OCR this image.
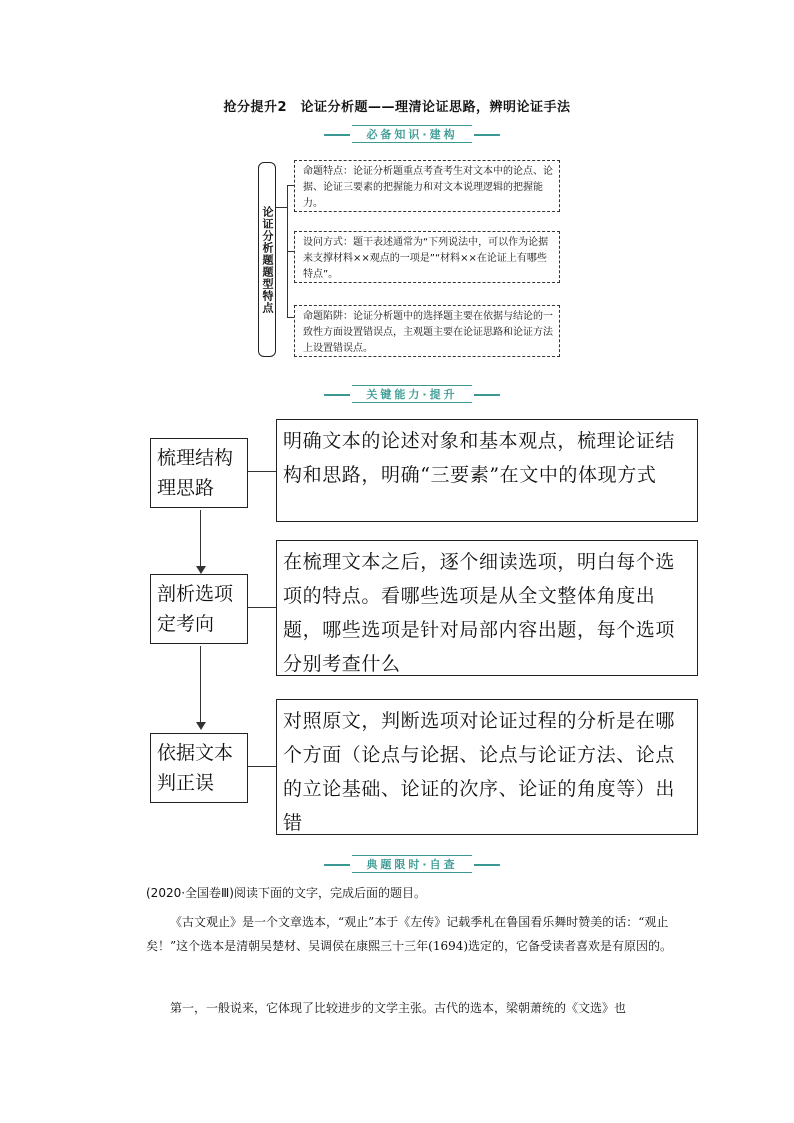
抢分提升2　论证分析题——理清论证思路，辨明论证手法
必备知识·建构
论证分析题题型特点
命题特点：论证分析题重点考查考生对文本中的论点、论据、论证三要素的把握能力和对文本说理逻辑的把握能力。
设问方式：题干表述通常为“下列说法中，可以作为论据来支撑材料××观点的一项是”“材料××在论证上有哪些特点”。
命题陷阱：论证分析题中的选择题主要在依据与结论的一致性方面设置错误点，主观题主要在论证思路和论证方法上设置错误点。
关键能力·提升
梳理结构理思路
明确文本的论述对象和基本观点，梳理论证结构和思路，明确“三要素”在文中的体现方式
剖析选项定考向
在梳理文本之后，逐个细读选项，明白每个选项的特点。看哪些选项是从全文整体角度出题，哪些选项是针对局部内容出题，每个选项分别考查什么
依据文本判正误
对照原文，判断选项对论证过程的分析是在哪个方面（论点与论据、论点与论证方法、论点的立论基础、论证的次序、论证的角度等）出错
典题限时·自查
(2020·全国卷Ⅲ)阅读下面的文字，完成后面的题目。
《古文观止》是一个文章选本，“观止”本于《左传》记载季札在鲁国看乐舞时赞美的话：“观止矣！”这个选本是清朝吴楚材、吴调侯在康熙三十三年(1694)选定的，它备受读者喜欢是有原因的。
第一，一般说来，它体现了比较进步的文学主张。古代的选本，梁朝萧统的《文选》也
